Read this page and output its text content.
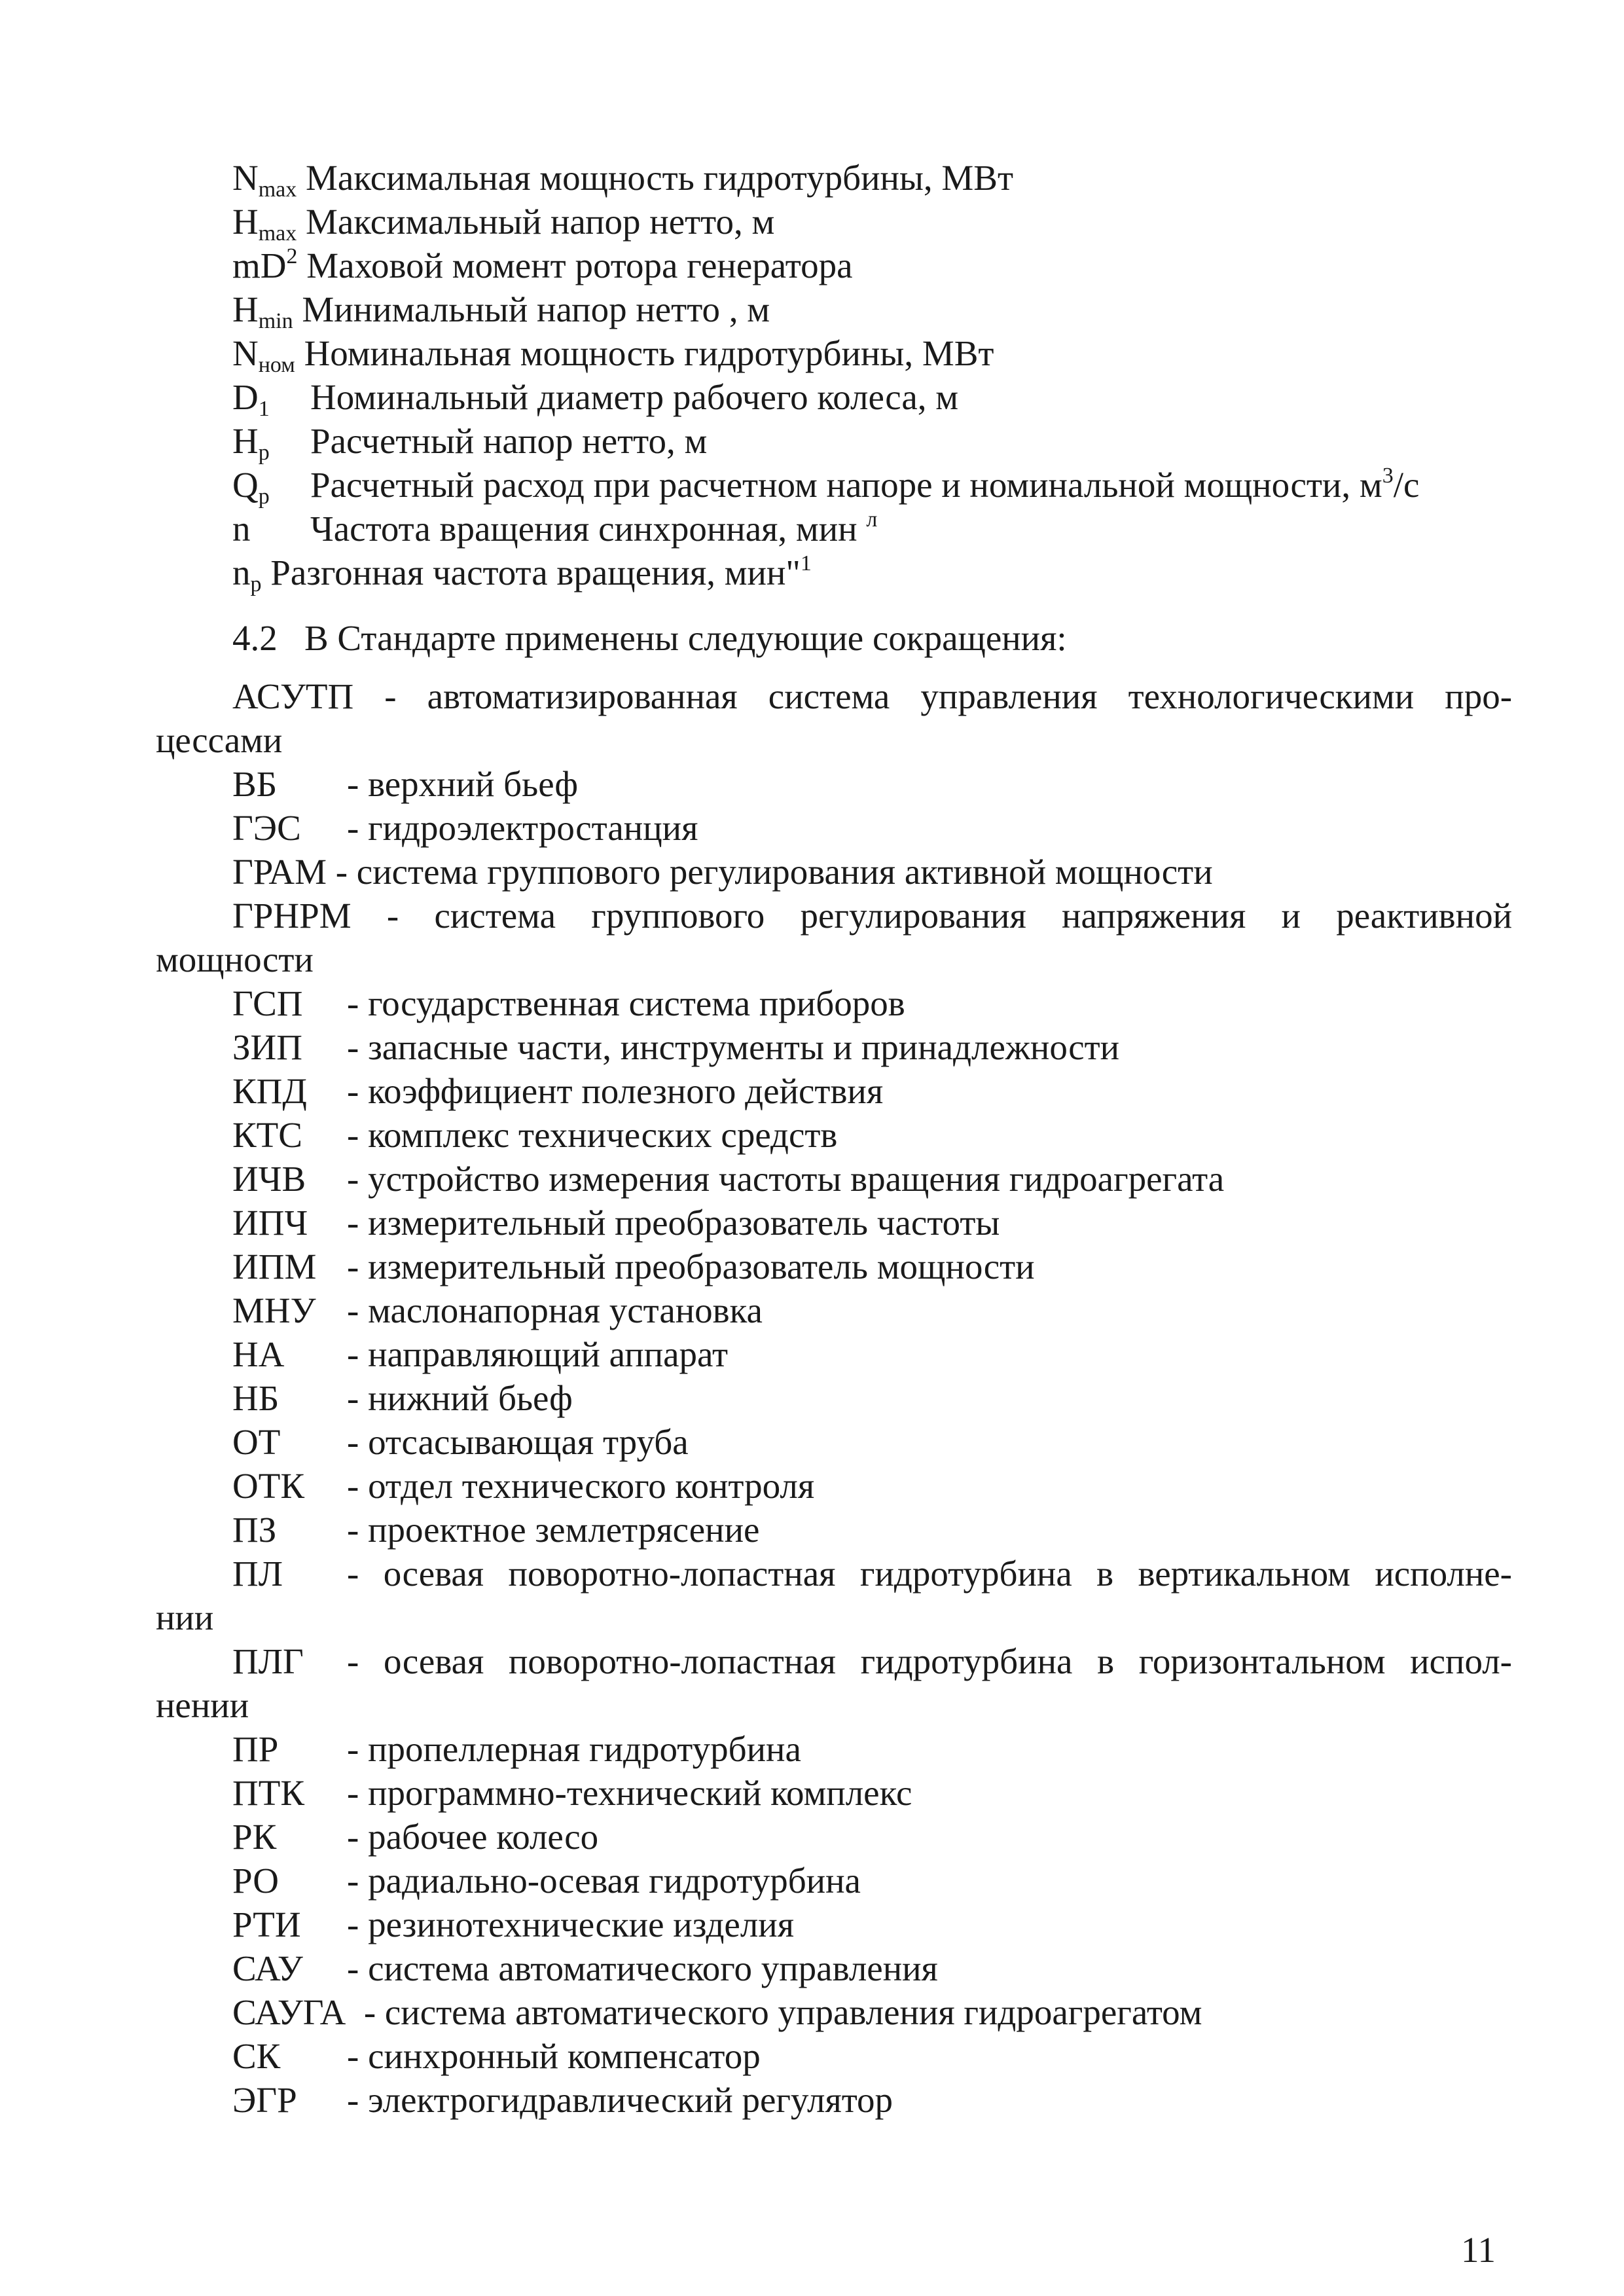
Nmax Максимальная мощность гидротурбины, МВт
Hmax Максимальный напор нетто, м
$mD^2$ Маховой момент ротора генератора
Hmin Минимальный напор нетто , м
Nном Номинальная мощность гидротурбины, МВт
D1 Номинальный диаметр рабочего колеса, м
Hр Расчетный напор нетто, м
Qр Расчетный расход при расчетном напоре и номинальной мощности, $м^3/с$
n Частота вращения синхронная, мин $^л$
nр Разгонная частота вращения, мин"$^1$
4.2 В Стандарте применены следующие сокращения:
АСУТП - автоматизированная система управления технологическими про-
цессами
ВБ - верхний бьеф
ГЭС - гидроэлектростанция
ГРАМ - система группового регулирования активной мощности
ГРНРМ - система группового регулирования напряжения и реактивной
мощности
ГСП - государственная система приборов
ЗИП - запасные части, инструменты и принадлежности
КПД - коэффициент полезного действия
КТС - комплекс технических средств
ИЧВ - устройство измерения частоты вращения гидроагрегата
ИПЧ - измерительный преобразователь частоты
ИПМ - измерительный преобразователь мощности
МНУ - маслонапорная установка
НА - направляющий аппарат
НБ - нижний бьеф
ОТ - отсасывающая труба
ОТК - отдел технического контроля
ПЗ - проектное землетрясение
ПЛ - осевая поворотно-лопастная гидротурбина в вертикальном исполне-
нии
ПЛГ - осевая поворотно-лопастная гидротурбина в горизонтальном испол-
нении
ПР - пропеллерная гидротурбина
ПТК - программно-технический комплекс
РК - рабочее колесо
РО - радиально-осевая гидротурбина
РТИ - резинотехнические изделия
САУ - система автоматического управления
САУГА - система автоматического управления гидроагрегатом
СК - синхронный компенсатор
ЭГР - электрогидравлический регулятор
11
